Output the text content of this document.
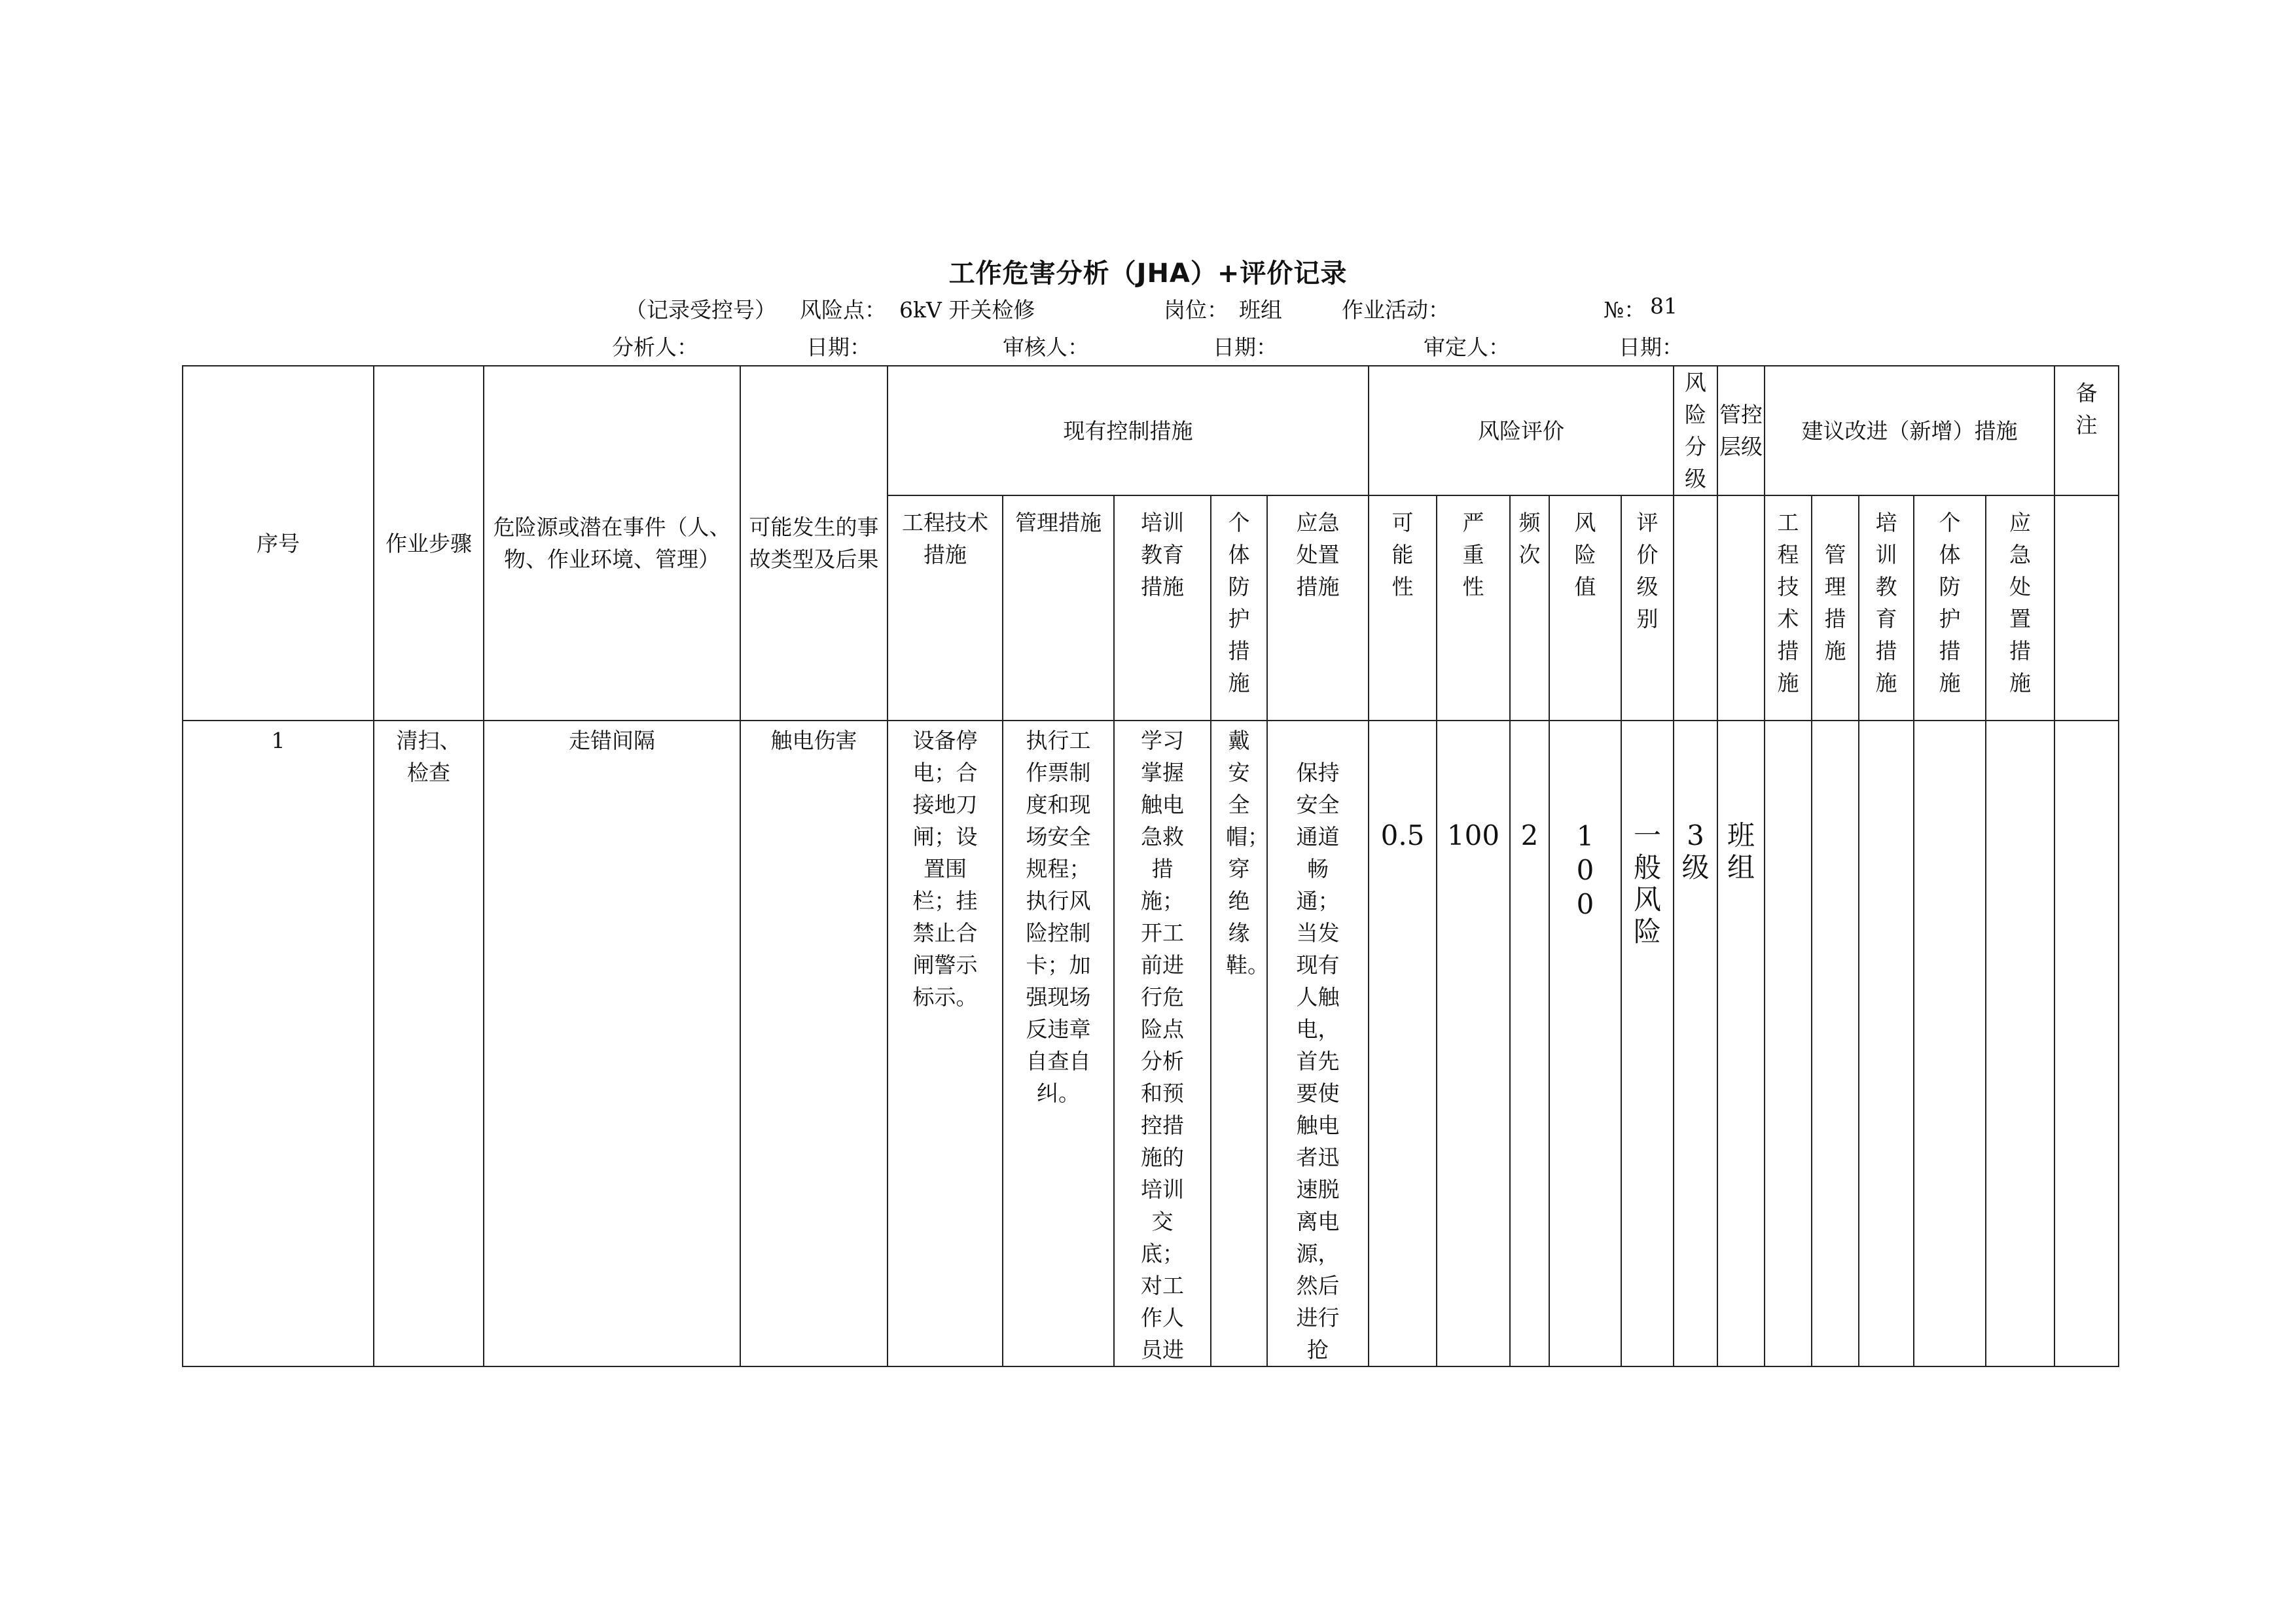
工作危害分析（JHA）+评价记录
（记录受控号） 风险点： 6kV 开关检修	岗位： 班组	作业活动：	№： 81
分析人：	日期：	审核人：	日期：	审定人：	日期：
序号	作业步骤	危险源或潜在事件（人、物、作业环境、管理）	可能发生的事故类型及后果	现有控制措施					风险评价					风险分级	管控层级	建议改进（新增）措施					备注

				工程技术措施	管理措施	培训教育措施	个体防护措施	应急处置措施	可能性	严重性	频次	风险值	评价级别			工程技术措施	管理措施	培训教育措施	个体防护措施	应急处置措施	

1	清扫、检查	走错间隔	触电伤害	设备停电；合接地刀闸；设置围栏；挂禁止合闸警示标示。	执行工作票制度和现场安全规程；执行风险控制卡；加强现场反违章自查自纠。	学习掌握触电急救措施；开工前进行危险点分析和预控措施的培训交底；对工作人员进	戴安全帽；穿绝缘鞋。	保持安全通道畅通；当发现有人触电，首先要使触电者迅速脱离电源，然后进行抢	0.5	100	2	100	一般风险	3级	班组						
